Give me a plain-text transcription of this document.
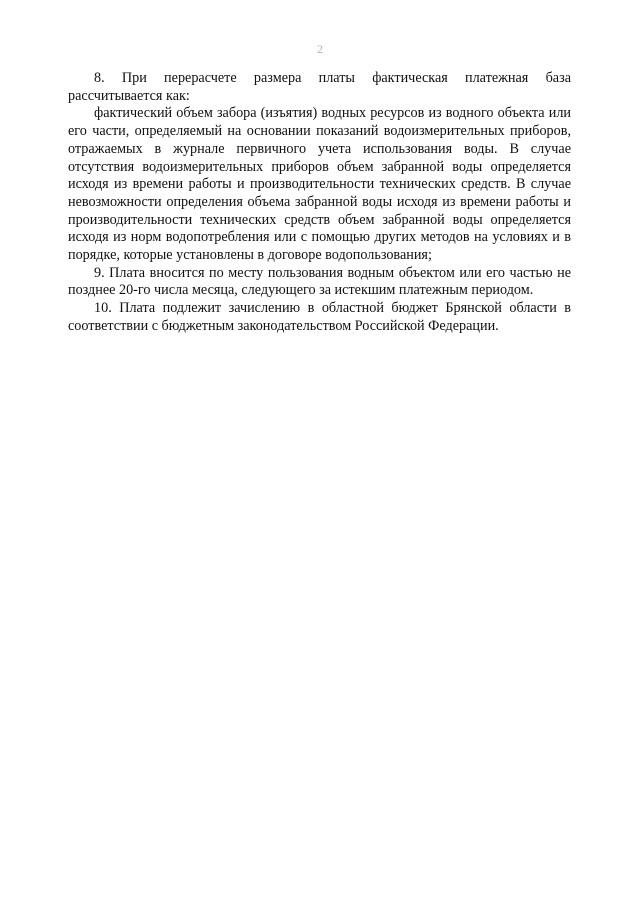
2

8. При перерасчете размера платы фактическая платежная база рассчитывается как:

фактический объем забора (изъятия) водных ресурсов из водного объекта или его части, определяемый на основании показаний водоизмерительных приборов, отражаемых в журнале первичного учета использования воды. В случае отсутствия водоизмерительных приборов объем забранной воды определяется исходя из времени работы и производительности технических средств. В случае невозможности определения объема забранной воды исходя из времени работы и производительности технических средств объем забранной воды определяется исходя из норм водопотребления или с помощью других методов на условиях и в порядке, которые установлены в договоре водопользования;

9. Плата вносится по месту пользования водным объектом или его частью не позднее 20-го числа месяца, следующего за истекшим платежным периодом.

10. Плата подлежит зачислению в областной бюджет Брянской области в соответствии с бюджетным законодательством Российской Федерации.
